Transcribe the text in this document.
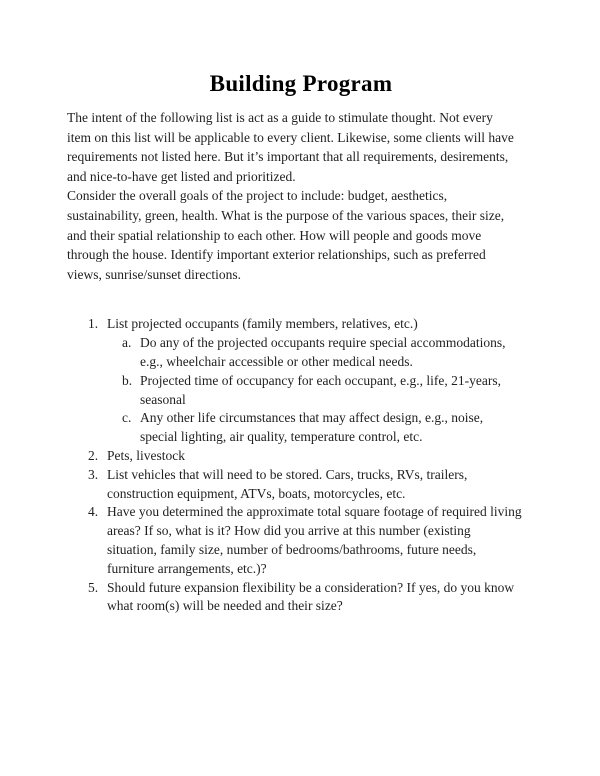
Building Program
The intent of the following list is act as a guide to stimulate thought. Not every
item on this list will be applicable to every client. Likewise, some clients will have
requirements not listed here. But it’s important that all requirements, desirements,
and nice-to-have get listed and prioritized.
Consider the overall goals of the project to include: budget, aesthetics,
sustainability, green, health. What is the purpose of the various spaces, their size,
and their spatial relationship to each other. How will people and goods move
through the house. Identify important exterior relationships, such as preferred
views, sunrise/sunset directions.
1. List projected occupants (family members, relatives, etc.)
a. Do any of the projected occupants require special accommodations,
e.g., wheelchair accessible or other medical needs.
b. Projected time of occupancy for each occupant, e.g., life, 21-years,
seasonal
c. Any other life circumstances that may affect design, e.g., noise,
special lighting, air quality, temperature control, etc.
2. Pets, livestock
3. List vehicles that will need to be stored. Cars, trucks, RVs, trailers,
construction equipment, ATVs, boats, motorcycles, etc.
4. Have you determined the approximate total square footage of required living
areas? If so, what is it? How did you arrive at this number (existing
situation, family size, number of bedrooms/bathrooms, future needs,
furniture arrangements, etc.)?
5. Should future expansion flexibility be a consideration? If yes, do you know
what room(s) will be needed and their size?
